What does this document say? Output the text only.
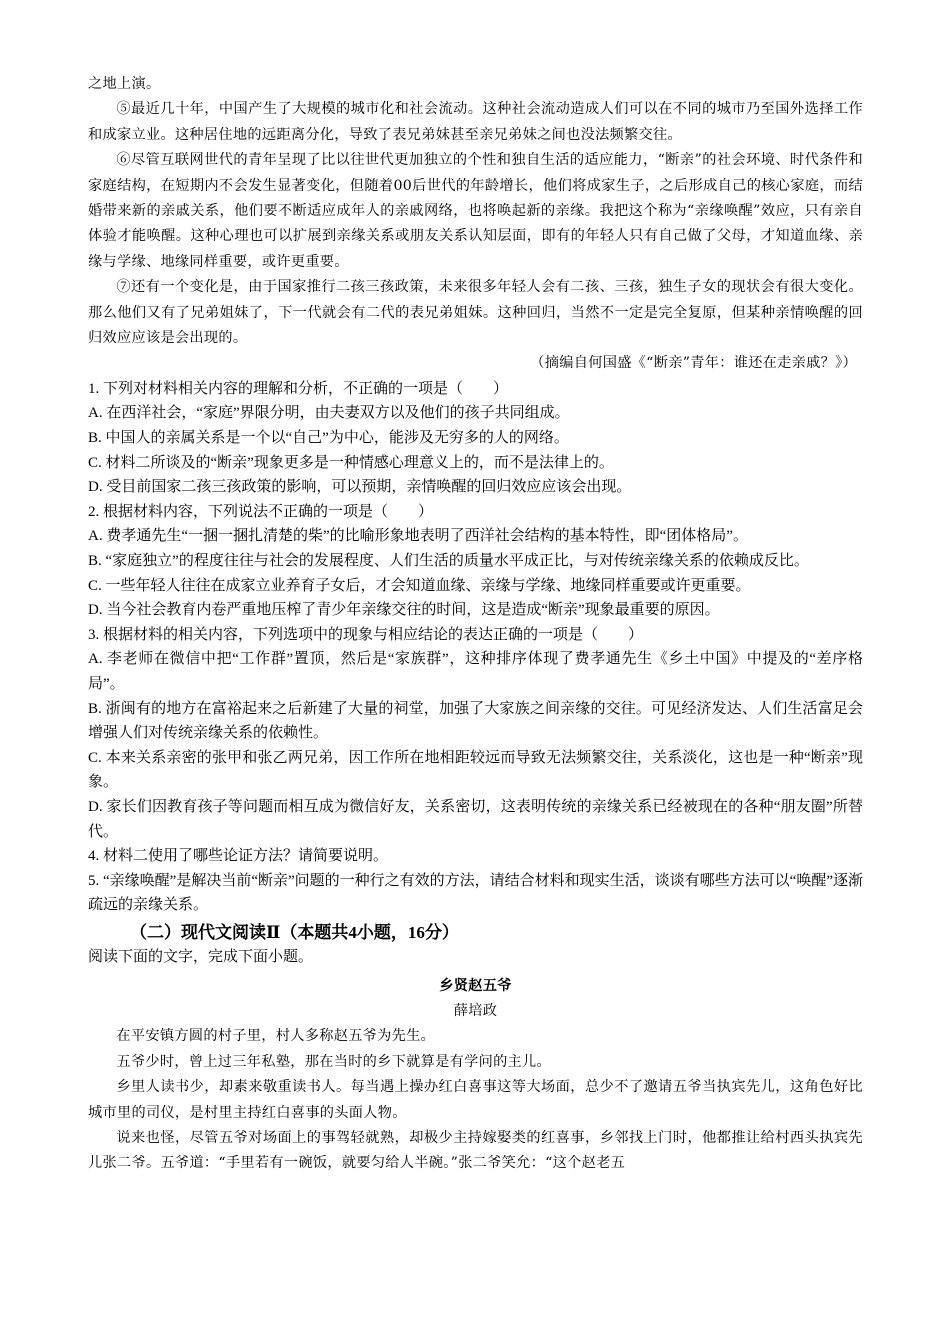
之地上演。

⑤最近几十年，中国产生了大规模的城市化和社会流动。这种社会流动造成人们可以在不同的城市乃至国外选择工作和成家立业。这种居住地的远距离分化，导致了表兄弟妹甚至亲兄弟妹之间也没法频繁交往。

⑥尽管互联网世代的青年呈现了比以往世代更加独立的个性和独自生活的适应能力，“断亲”的社会环境、时代条件和家庭结构，在短期内不会发生显著变化，但随着00后世代的年龄增长，他们将成家生子，之后形成自己的核心家庭，而结婚带来新的亲戚关系，他们要不断适应成年人的亲戚网络，也将唤起新的亲缘。我把这个称为“亲缘唤醒”效应，只有亲自体验才能唤醒。这种心理也可以扩展到亲缘关系或朋友关系认知层面，即有的年轻人只有自己做了父母，才知道血缘、亲缘与学缘、地缘同样重要，或许更重要。

⑦还有一个变化是，由于国家推行二孩三孩政策，未来很多年轻人会有二孩、三孩，独生子女的现状会有很大变化。那么他们又有了兄弟姐妹了，下一代就会有二代的表兄弟姐妹。这种回归，当然不一定是完全复原，但某种亲情唤醒的回归效应应该是会出现的。

（摘编自何国盛《“断亲”青年：谁还在走亲戚？》）

1. 下列对材料相关内容的理解和分析，不正确的一项是（　　）

A. 在西洋社会，“家庭”界限分明，由夫妻双方以及他们的孩子共同组成。

B. 中国人的亲属关系是一个以“自己”为中心，能涉及无穷多的人的网络。

C. 材料二所谈及的“断亲”现象更多是一种情感心理意义上的，而不是法律上的。

D. 受目前国家二孩三孩政策的影响，可以预期，亲情唤醒的回归效应应该会出现。

2. 根据材料内容，下列说法不正确的一项是（　　）

A. 费孝通先生“一捆一捆扎清楚的柴”的比喻形象地表明了西洋社会结构的基本特性，即“团体格局”。

B. “家庭独立”的程度往往与社会的发展程度、人们生活的质量水平成正比，与对传统亲缘关系的依赖成反比。

C. 一些年轻人往往在成家立业养育子女后，才会知道血缘、亲缘与学缘、地缘同样重要或许更重要。

D. 当今社会教育内卷严重地压榨了青少年亲缘交往的时间，这是造成“断亲”现象最重要的原因。

3. 根据材料的相关内容，下列选项中的现象与相应结论的表达正确的一项是（　　）

A. 李老师在微信中把“工作群”置顶，然后是“家族群”，这种排序体现了费孝通先生《乡土中国》中提及的“差序格局”。

B. 浙闽有的地方在富裕起来之后新建了大量的祠堂，加强了大家族之间亲缘的交往。可见经济发达、人们生活富足会增强人们对传统亲缘关系的依赖性。

C. 本来关系亲密的张甲和张乙两兄弟，因工作所在地相距较远而导致无法频繁交往，关系淡化，这也是一种“断亲”现象。

D. 家长们因教育孩子等问题而相互成为微信好友，关系密切，这表明传统的亲缘关系已经被现在的各种“朋友圈”所替代。

4. 材料二使用了哪些论证方法？请简要说明。

5. “亲缘唤醒”是解决当前“断亲”问题的一种行之有效的方法，请结合材料和现实生活，谈谈有哪些方法可以“唤醒”逐渐疏远的亲缘关系。

（二）现代文阅读Ⅱ（本题共4小题，16分）

阅读下面的文字，完成下面小题。

乡贤赵五爷

薛培政

在平安镇方圆的村子里，村人多称赵五爷为先生。

五爷少时，曾上过三年私塾，那在当时的乡下就算是有学问的主儿。

乡里人读书少，却素来敬重读书人。每当遇上操办红白喜事这等大场面，总少不了邀请五爷当执宾先儿，这角色好比城市里的司仪，是村里主持红白喜事的头面人物。

说来也怪，尽管五爷对场面上的事驾轻就熟，却极少主持嫁娶类的红喜事，乡邻找上门时，他都推让给村西头执宾先儿张二爷。五爷道：“手里若有一碗饭，就要匀给人半碗。”张二爷笑允：“这个赵老五
